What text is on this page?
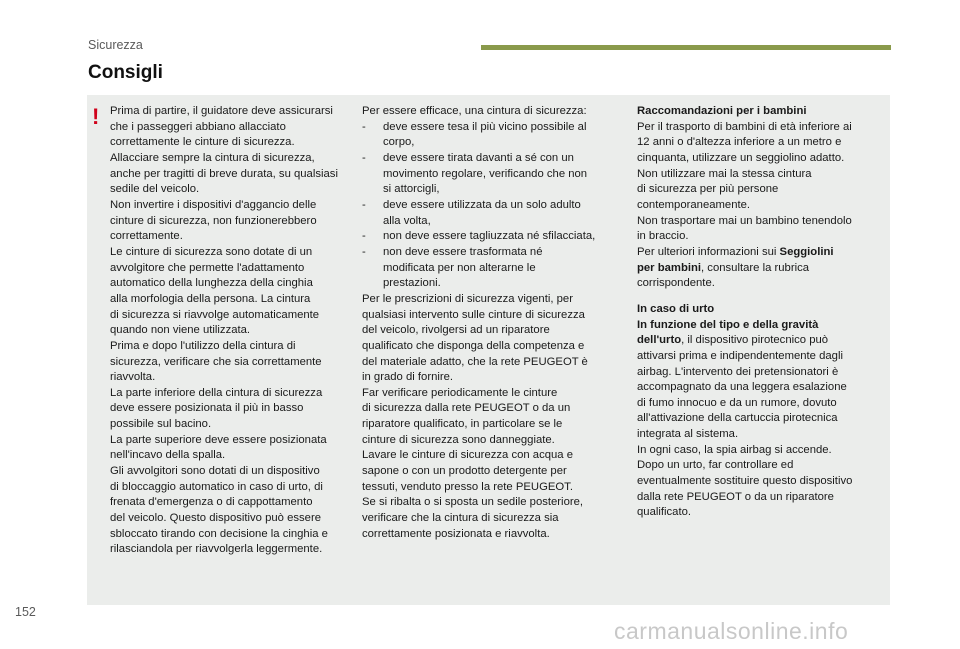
Sicurezza
Consigli
! Prima di partire, il guidatore deve assicurarsi

che i passeggeri abbiano allacciato

correttamente le cinture di sicurezza.

Allacciare sempre la cintura di sicurezza,

anche per tragitti di breve durata, su qualsiasi

sedile del veicolo.

Non invertire i dispositivi d'aggancio delle

cinture di sicurezza, non funzionerebbero

correttamente.

Le cinture di sicurezza sono dotate di un

avvolgitore che permette l'adattamento

automatico della lunghezza della cinghia

alla morfologia della persona. La cintura

di sicurezza si riavvolge automaticamente

quando non viene utilizzata.

Prima e dopo l'utilizzo della cintura di

sicurezza, verificare che sia correttamente

riavvolta.

La parte inferiore della cintura di sicurezza

deve essere posizionata il più in basso

possibile sul bacino.

La parte superiore deve essere posizionata

nell'incavo della spalla.

Gli avvolgitori sono dotati di un dispositivo

di bloccaggio automatico in caso di urto, di

frenata d'emergenza o di cappottamento

del veicolo. Questo dispositivo può essere

sbloccato tirando con decisione la cinghia e

rilasciandola per riavvolgerla leggermente.

Per essere efficace, una cintura di sicurezza:

- deve essere tesa il più vicino possibile al

corpo,

- deve essere tirata davanti a sé con un

movimento regolare, verificando che non

si attorcigli,

- deve essere utilizzata da un solo adulto

alla volta,

- non deve essere tagliuzzata né sfilacciata,

- non deve essere trasformata né

modificata per non alterarne le

prestazioni.

Per le prescrizioni di sicurezza vigenti, per

qualsiasi intervento sulle cinture di sicurezza

del veicolo, rivolgersi ad un riparatore

qualificato che disponga della competenza e

del materiale adatto, che la rete PEUGEOT è

in grado di fornire.

Far verificare periodicamente le cinture

di sicurezza dalla rete PEUGEOT o da un

riparatore qualificato, in particolare se le

cinture di sicurezza sono danneggiate.

Lavare le cinture di sicurezza con acqua e

sapone o con un prodotto detergente per

tessuti, venduto presso la rete PEUGEOT.

Se si ribalta o si sposta un sedile posteriore,

verificare che la cintura di sicurezza sia

correttamente posizionata e riavvolta.

Raccomandazioni per i bambini

Per il trasporto di bambini di età inferiore ai

12 anni o d'altezza inferiore a un metro e

cinquanta, utilizzare un seggiolino adatto.

Non utilizzare mai la stessa cintura

di sicurezza per più persone

contemporaneamente.

Non trasportare mai un bambino tenendolo

in braccio.

Per ulteriori informazioni sui Seggiolini

per bambini, consultare la rubrica

corrispondente.

In caso di urto

In funzione del tipo e della gravità

dell'urto, il dispositivo pirotecnico può

attivarsi prima e indipendentemente dagli

airbag. L'intervento dei pretensionatori è

accompagnato da una leggera esalazione

di fumo innocuo e da un rumore, dovuto

all'attivazione della cartuccia pirotecnica

integrata al sistema.

In ogni caso, la spia airbag si accende.

Dopo un urto, far controllare ed

eventualmente sostituire questo dispositivo

dalla rete PEUGEOT o da un riparatore

qualificato.

152
carmanualsonline.info
